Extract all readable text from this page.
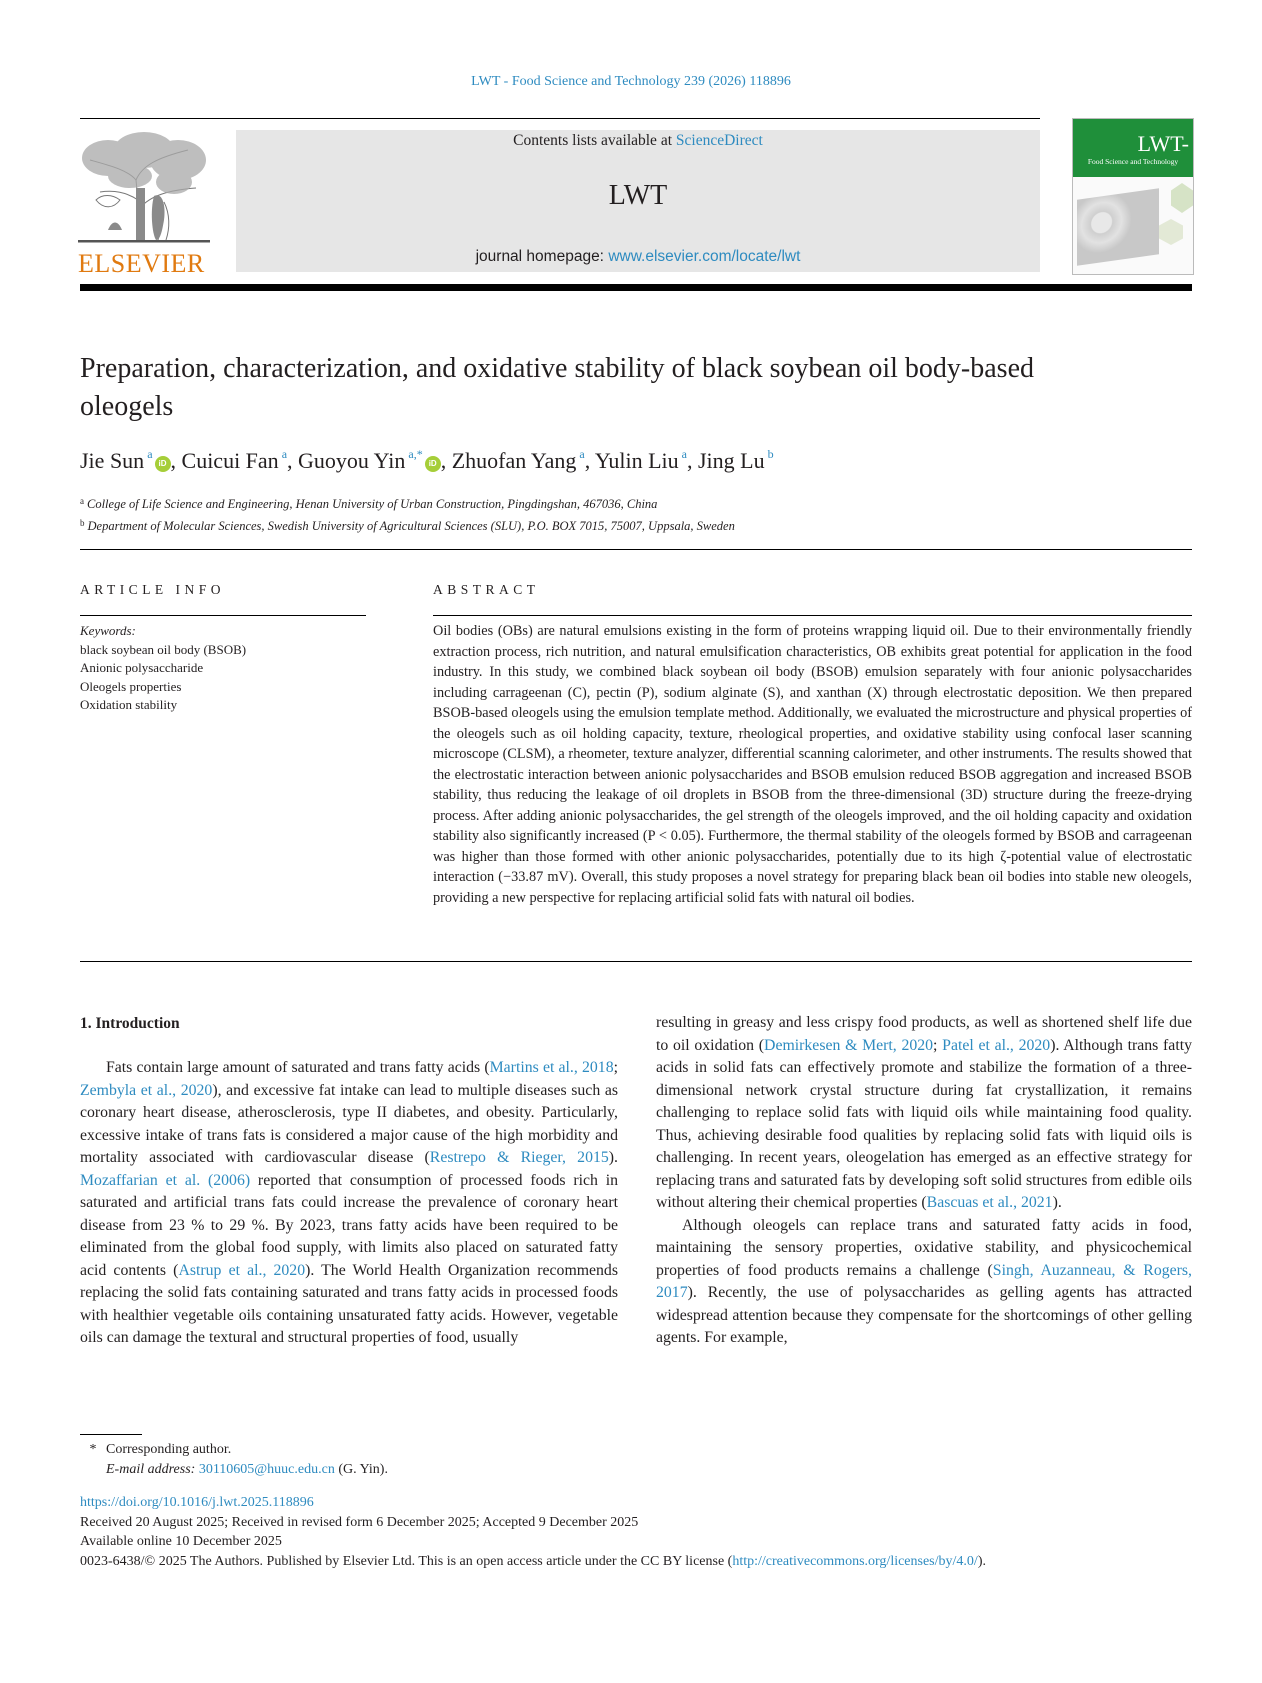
LWT - Food Science and Technology 239 (2026) 118896
ELSEVIER
Contents lists available at ScienceDirect
LWT
journal homepage: www.elsevier.com/locate/lwt
LWT-
Food Science and Technology
Preparation, characterization, and oxidative stability of black soybean oil body-based oleogels
Jie Sun $^a$iD , Cuicui Fan $^a$, Guoyou Yin $^{a,*}$iD , Zhuofan Yang $^a$, Yulin Liu $^a$, Jing Lu $^b$
$^a$ College of Life Science and Engineering, Henan University of Urban Construction, Pingdingshan, 467036, China
$^b$ Department of Molecular Sciences, Swedish University of Agricultural Sciences (SLU), P.O. BOX 7015, 75007, Uppsala, Sweden
ARTICLE INFO
Keywords:
black soybean oil body (BSOB)
Anionic polysaccharide
Oleogels properties
Oxidation stability
ABSTRACT
Oil bodies (OBs) are natural emulsions existing in the form of proteins wrapping liquid oil. Due to their environmentally friendly extraction process, rich nutrition, and natural emulsification characteristics, OB exhibits great potential for application in the food industry. In this study, we combined black soybean oil body (BSOB) emulsion separately with four anionic polysaccharides including carrageenan (C), pectin (P), sodium alginate (S), and xanthan (X) through electrostatic deposition. We then prepared BSOB-based oleogels using the emulsion template method. Additionally, we evaluated the microstructure and physical properties of the oleogels such as oil holding capacity, texture, rheological properties, and oxidative stability using confocal laser scanning microscope (CLSM), a rheometer, texture analyzer, differential scanning calorimeter, and other instruments. The results showed that the electrostatic interaction between anionic polysaccharides and BSOB emulsion reduced BSOB aggregation and increased BSOB stability, thus reducing the leakage of oil droplets in BSOB from the three-dimensional (3D) structure during the freeze-drying process. After adding anionic polysaccharides, the gel strength of the oleogels improved, and the oil holding capacity and oxidation stability also significantly increased (P < 0.05). Furthermore, the thermal stability of the oleogels formed by BSOB and carrageenan was higher than those formed with other anionic polysaccharides, potentially due to its high ζ-potential value of electrostatic interaction (−33.87 mV). Overall, this study proposes a novel strategy for preparing black bean oil bodies into stable new oleogels, providing a new perspective for replacing artificial solid fats with natural oil bodies.
1. Introduction

Fats contain large amount of saturated and trans fatty acids (Martins et al., 2018; Zembyla et al., 2020), and excessive fat intake can lead to multiple diseases such as coronary heart disease, atherosclerosis, type II diabetes, and obesity. Particularly, excessive intake of trans fats is considered a major cause of the high morbidity and mortality associated with cardiovascular disease (Restrepo & Rieger, 2015). Mozaffarian et al. (2006) reported that consumption of processed foods rich in saturated and artificial trans fats could increase the prevalence of coronary heart disease from 23 % to 29 %. By 2023, trans fatty acids have been required to be eliminated from the global food supply, with limits also placed on saturated fatty acid contents (Astrup et al., 2020). The World Health Organization recommends replacing the solid fats containing saturated and trans fatty acids in processed foods with healthier vegetable oils containing unsaturated fatty acids. However, vegetable oils can damage the textural and structural properties of food, usually

resulting in greasy and less crispy food products, as well as shortened shelf life due to oil oxidation (Demirkesen & Mert, 2020; Patel et al., 2020). Although trans fatty acids in solid fats can effectively promote and stabilize the formation of a three-dimensional network crystal structure during fat crystallization, it remains challenging to replace solid fats with liquid oils while maintaining food quality. Thus, achieving desirable food qualities by replacing solid fats with liquid oils is challenging. In recent years, oleogelation has emerged as an effective strategy for replacing trans and saturated fats by developing soft solid structures from edible oils without altering their chemical properties (Bascuas et al., 2021).

Although oleogels can replace trans and saturated fatty acids in food, maintaining the sensory properties, oxidative stability, and physicochemical properties of food products remains a challenge (Singh, Auzanneau, & Rogers, 2017). Recently, the use of polysaccharides as gelling agents has attracted widespread attention because they compensate for the shortcomings of other gelling agents. For example,

* Corresponding author.
E-mail address: 30110605@huuc.edu.cn (G. Yin).
https://doi.org/10.1016/j.lwt.2025.118896
Received 20 August 2025; Received in revised form 6 December 2025; Accepted 9 December 2025
Available online 10 December 2025
0023-6438/© 2025 The Authors. Published by Elsevier Ltd. This is an open access article under the CC BY license (http://creativecommons.org/licenses/by/4.0/).
